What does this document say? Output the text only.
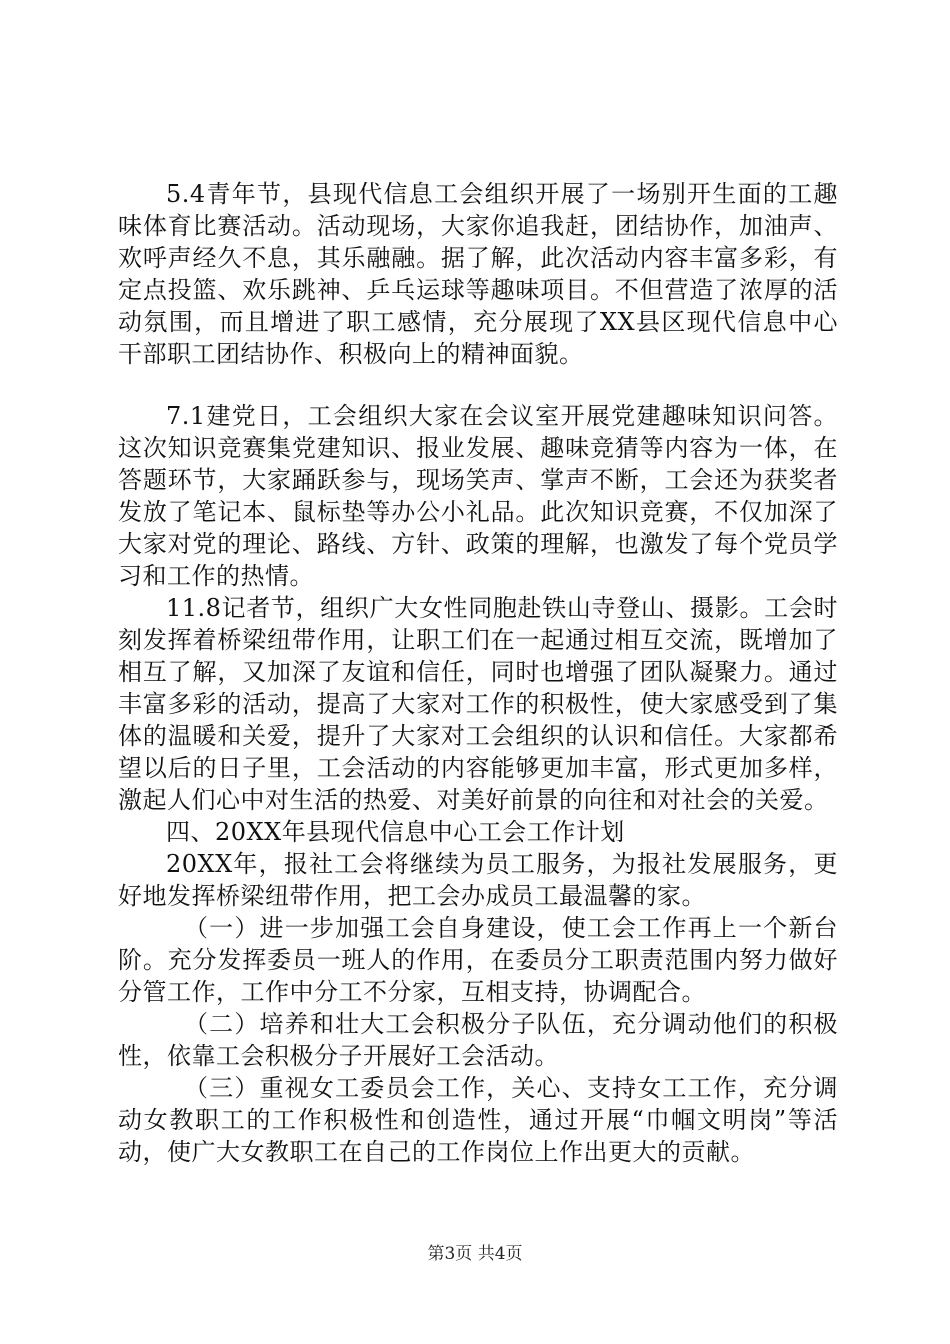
5.4青年节，县现代信息工会组织开展了一场别开生面的工趣味体育比赛活动。活动现场，大家你追我赶，团结协作，加油声、欢呼声经久不息，其乐融融。据了解，此次活动内容丰富多彩，有定点投篮、欢乐跳神、乒乓运球等趣味项目。不但营造了浓厚的活动氛围，而且增进了职工感情，充分展现了XX县区现代信息中心干部职工团结协作、积极向上的精神面貌。

7.1建党日，工会组织大家在会议室开展党建趣味知识问答。这次知识竞赛集党建知识、报业发展、趣味竞猜等内容为一体，在答题环节，大家踊跃参与，现场笑声、掌声不断，工会还为获奖者发放了笔记本、鼠标垫等办公小礼品。此次知识竞赛，不仅加深了大家对党的理论、路线、方针、政策的理解，也激发了每个党员学习和工作的热情。

11.8记者节，组织广大女性同胞赴铁山寺登山、摄影。工会时刻发挥着桥梁纽带作用，让职工们在一起通过相互交流，既增加了相互了解，又加深了友谊和信任，同时也增强了团队凝聚力。通过丰富多彩的活动，提高了大家对工作的积极性，使大家感受到了集体的温暖和关爱，提升了大家对工会组织的认识和信任。大家都希望以后的日子里，工会活动的内容能够更加丰富，形式更加多样，激起人们心中对生活的热爱、对美好前景的向往和对社会的关爱。

四、20XX年县现代信息中心工会工作计划

20XX年，报社工会将继续为员工服务，为报社发展服务，更好地发挥桥梁纽带作用，把工会办成员工最温馨的家。

（一）进一步加强工会自身建设，使工会工作再上一个新台阶。充分发挥委员一班人的作用，在委员分工职责范围内努力做好分管工作，工作中分工不分家，互相支持，协调配合。

（二）培养和壮大工会积极分子队伍，充分调动他们的积极性，依靠工会积极分子开展好工会活动。

（三）重视女工委员会工作，关心、支持女工工作，充分调动女教职工的工作积极性和创造性，通过开展“巾帼文明岗”等活动，使广大女教职工在自己的工作岗位上作出更大的贡献。

第3页 共4页
